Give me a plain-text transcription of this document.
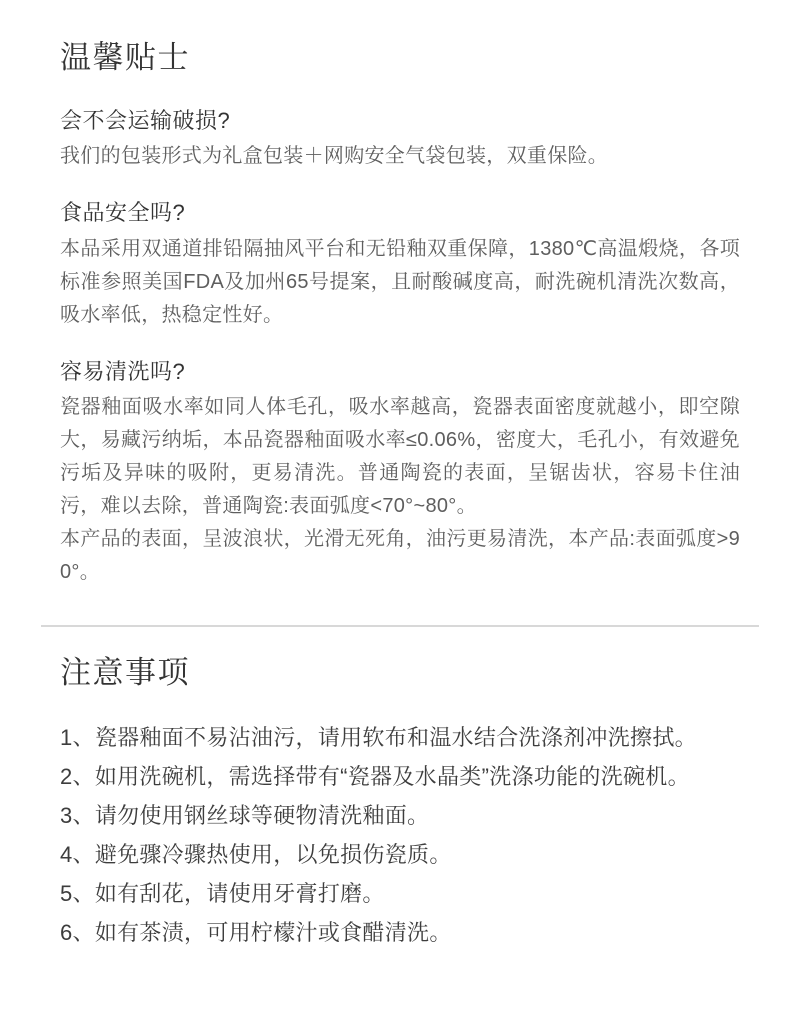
温馨贴士
会不会运输破损?

我们的包装形式为礼盒包装＋网购安全气袋包装，双重保险。

食品安全吗?

本品采用双通道排铅隔抽风平台和无铅釉双重保障，1380℃高温煅烧，各项标准参照美国FDA及加州65号提案，且耐酸碱度高，耐洗碗机清洗次数高，吸水率低，热稳定性好。

容易清洗吗?

瓷器釉面吸水率如同人体毛孔，吸水率越高，瓷器表面密度就越小，即空隙大，易藏污纳垢，本品瓷器釉面吸水率≤0.06%，密度大，毛孔小，有效避免污垢及异味的吸附，更易清洗。普通陶瓷的表面，呈锯齿状，容易卡住油污，难以去除，普通陶瓷:表面弧度<70°~80°。

本产品的表面，呈波浪状，光滑无死角，油污更易清洗，本产品:表面弧度>90°。

注意事项
1、瓷器釉面不易沾油污，请用软布和温水结合洗涤剂冲洗擦拭。
2、如用洗碗机，需选择带有“瓷器及水晶类”洗涤功能的洗碗机。
3、请勿使用钢丝球等硬物清洗釉面。
4、避免骤冷骤热使用，以免损伤瓷质。
5、如有刮花，请使用牙膏打磨。
6、如有茶渍，可用柠檬汁或食醋清洗。
